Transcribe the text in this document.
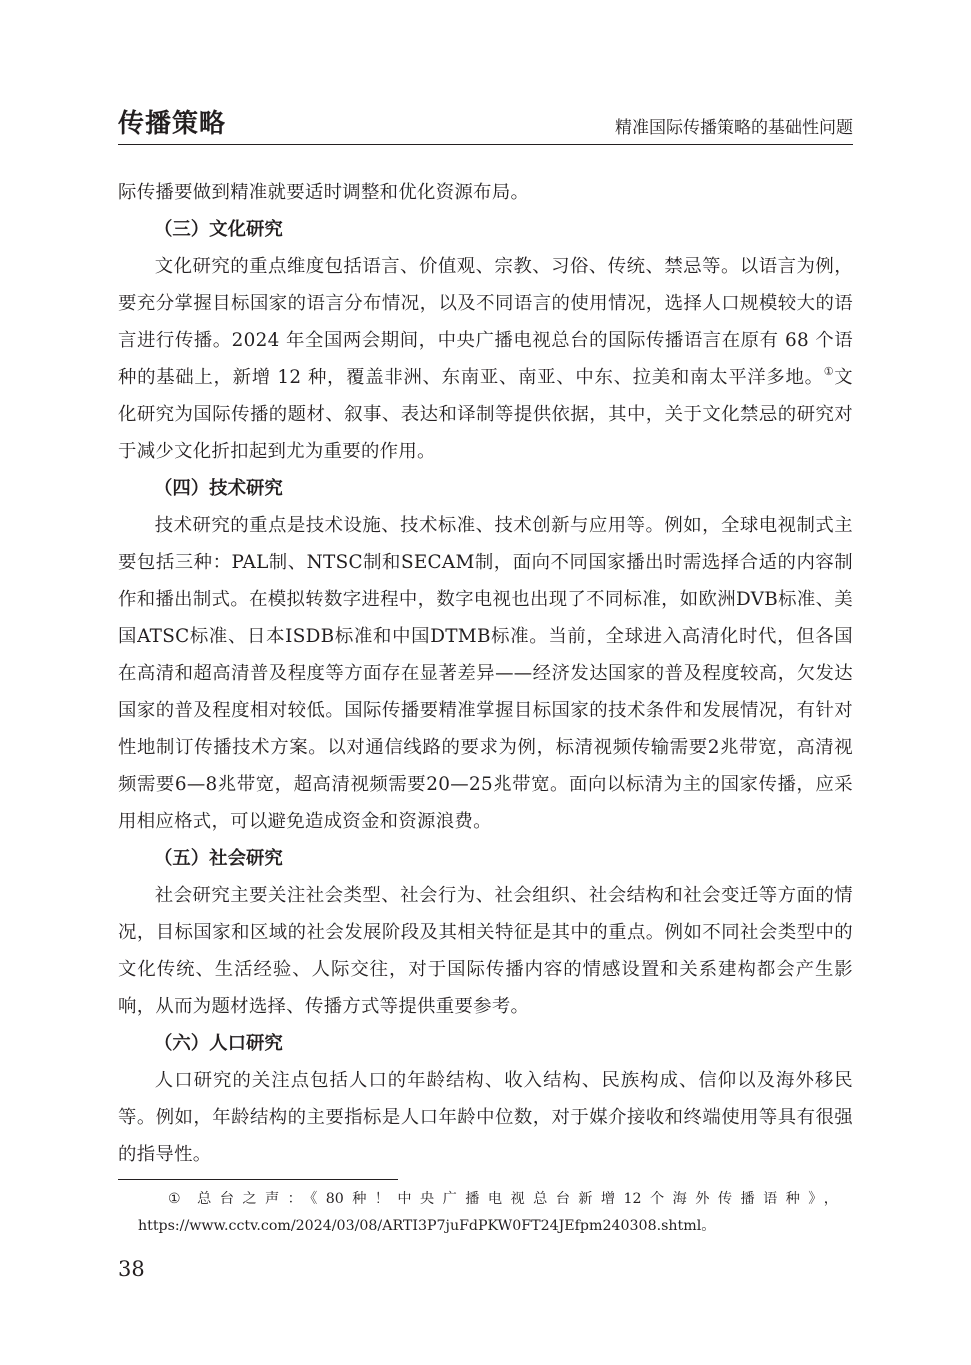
传播策略	精准国际传播策略的基础性问题

际传播要做到精准就要适时调整和优化资源布局。

（三）文化研究

文化研究的重点维度包括语言、价值观、宗教、习俗、传统、禁忌等。以语言为例，要充分掌握目标国家的语言分布情况，以及不同语言的使用情况，选择人口规模较大的语言进行传播。2024 年全国两会期间，中央广播电视总台的国际传播语言在原有 68 个语种的基础上，新增 12 种，覆盖非洲、东南亚、南亚、中东、拉美和南太平洋多地。①文化研究为国际传播的题材、叙事、表达和译制等提供依据，其中，关于文化禁忌的研究对于减少文化折扣起到尤为重要的作用。

（四）技术研究

技术研究的重点是技术设施、技术标准、技术创新与应用等。例如，全球电视制式主要包括三种：PAL制、NTSC制和SECAM制，面向不同国家播出时需选择合适的内容制作和播出制式。在模拟转数字进程中，数字电视也出现了不同标准，如欧洲DVB标准、美国ATSC标准、日本ISDB标准和中国DTMB标准。当前，全球进入高清化时代，但各国在高清和超高清普及程度等方面存在显著差异——经济发达国家的普及程度较高，欠发达国家的普及程度相对较低。国际传播要精准掌握目标国家的技术条件和发展情况，有针对性地制订传播技术方案。以对通信线路的要求为例，标清视频传输需要2兆带宽，高清视频需要6—8兆带宽，超高清视频需要20—25兆带宽。面向以标清为主的国家传播，应采用相应格式，可以避免造成资金和资源浪费。

（五）社会研究

社会研究主要关注社会类型、社会行为、社会组织、社会结构和社会变迁等方面的情况，目标国家和区域的社会发展阶段及其相关特征是其中的重点。例如不同社会类型中的文化传统、生活经验、人际交往，对于国际传播内容的情感设置和关系建构都会产生影响，从而为题材选择、传播方式等提供重要参考。

（六）人口研究

人口研究的关注点包括人口的年龄结构、收入结构、民族构成、信仰以及海外移民等。例如，年龄结构的主要指标是人口年龄中位数，对于媒介接收和终端使用等具有很强的指导性。

① 总台之声：《80种！中央广播电视总台新增12个海外传播语种》，https://www.cctv.com/2024/03/08/ARTI3P7juFdPKW0FT24JEfpm240308.shtml。
38
